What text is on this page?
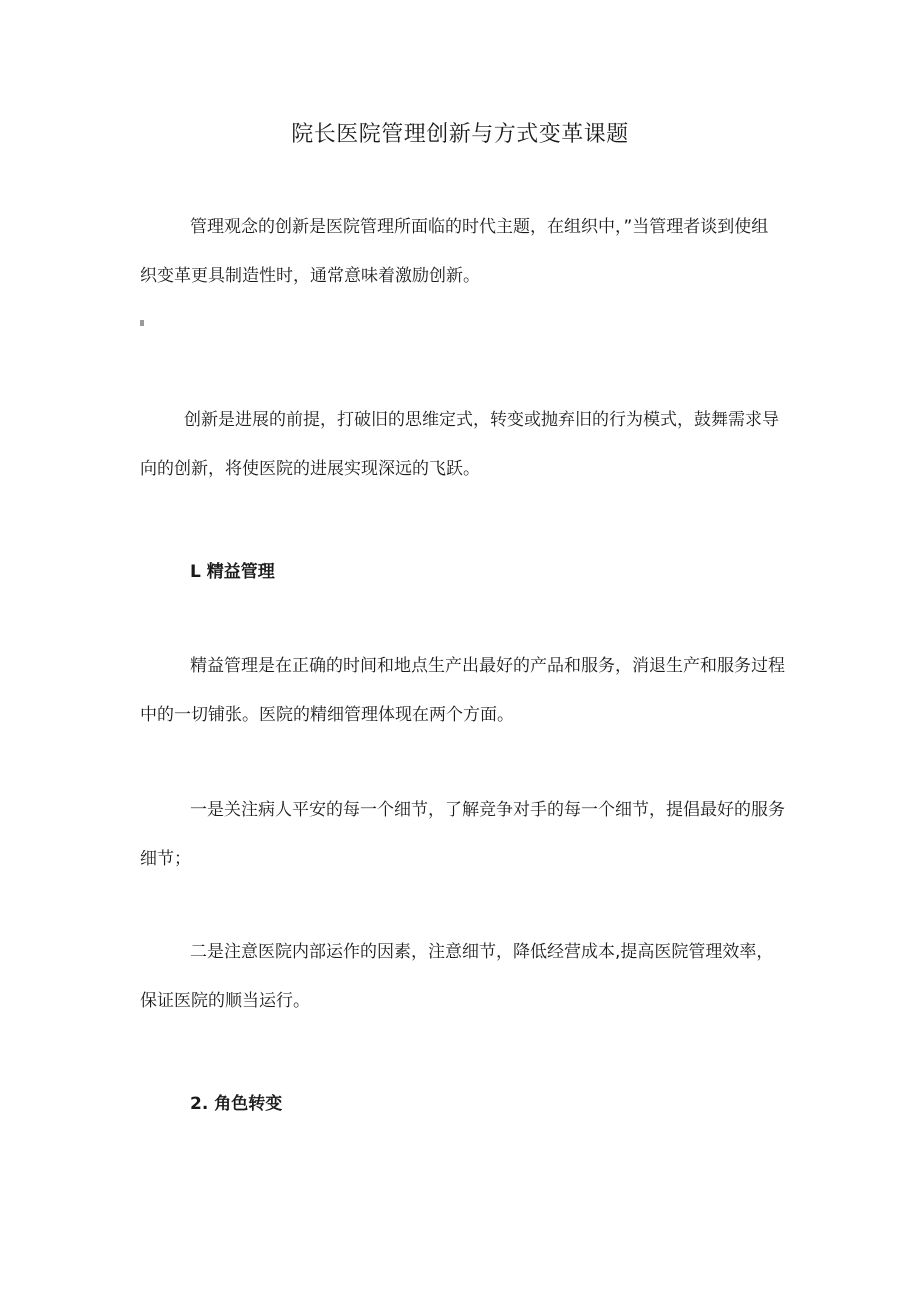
院长医院管理创新与方式变革课题

管理观念的创新是医院管理所面临的时代主题，在组织中，”当管理者谈到使组织变革更具制造性时，通常意味着激励创新。

创新是进展的前提，打破旧的思维定式，转变或抛弃旧的行为模式，鼓舞需求导向的创新，将使医院的进展实现深远的飞跃。

L 精益管理

精益管理是在正确的时间和地点生产出最好的产品和服务，消退生产和服务过程中的一切铺张。医院的精细管理体现在两个方面。

一是关注病人平安的每一个细节，了解竞争对手的每一个细节，提倡最好的服务细节；

二是注意医院内部运作的因素，注意细节，降低经营成本,提高医院管理效率，保证医院的顺当运行。

2. 角色转变
